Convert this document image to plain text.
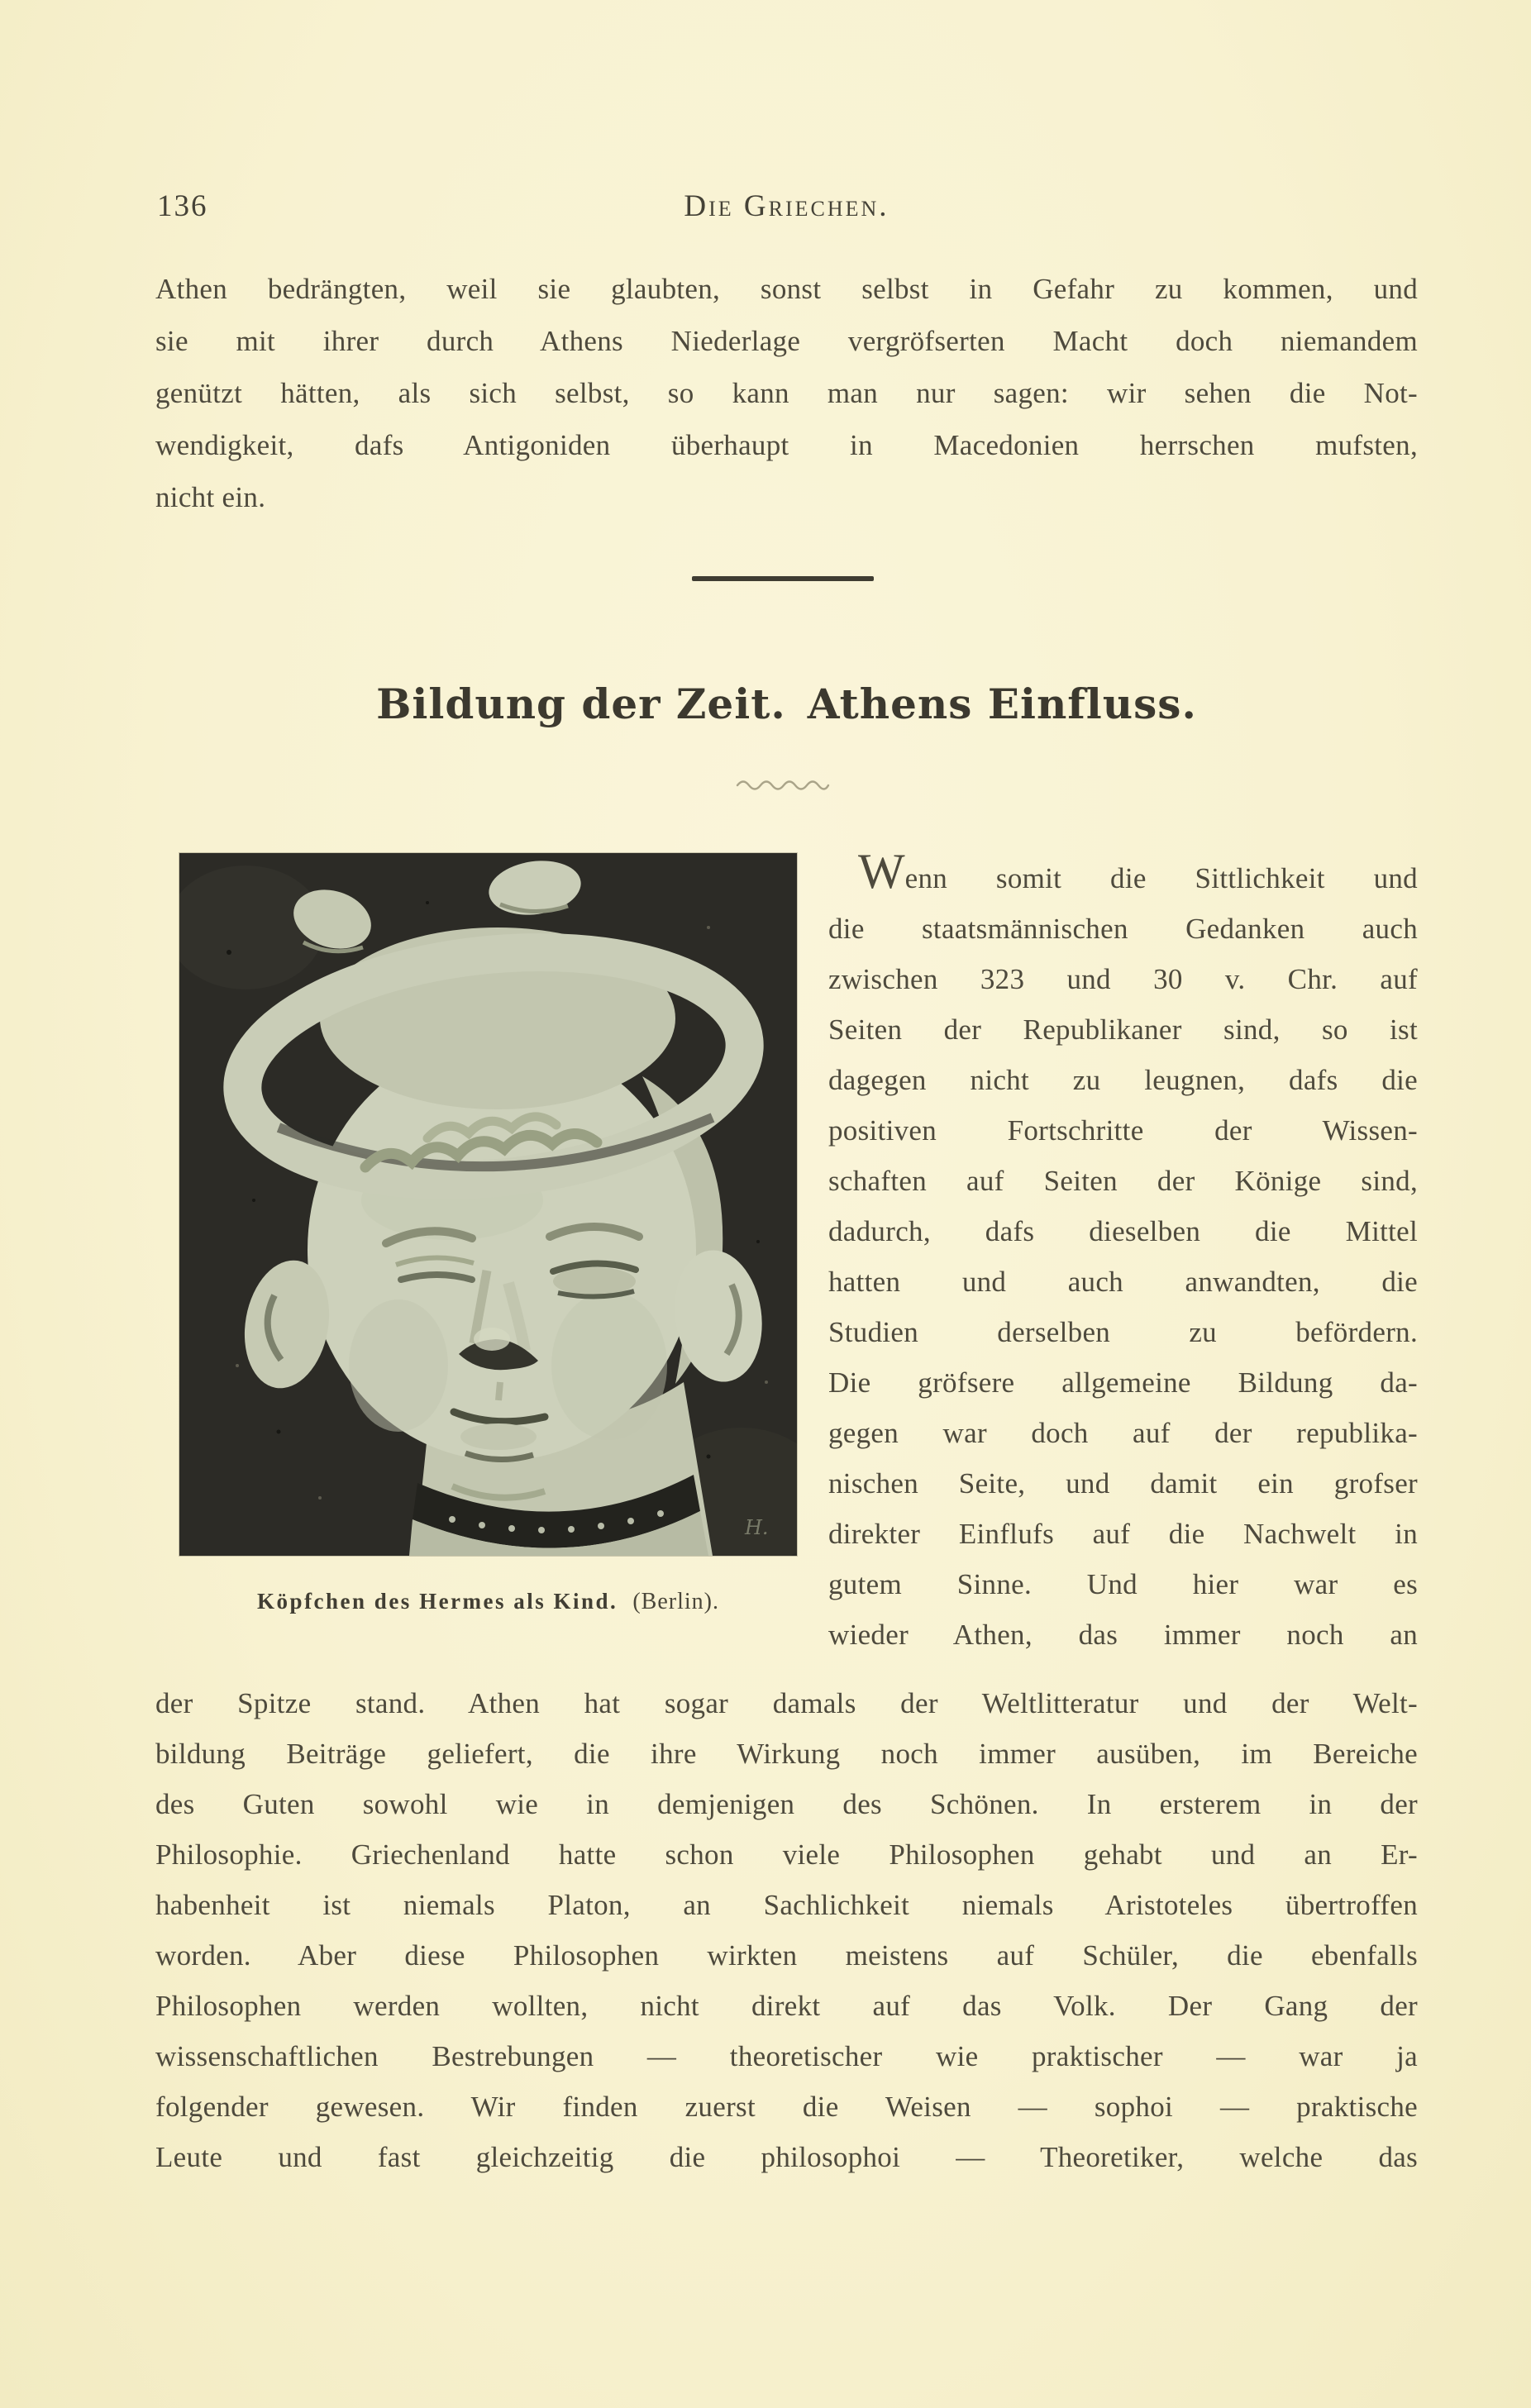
136	Die Griechen.
Athen bedrängten, weil sie glaubten, sonst selbst in Gefahr zu kommen, und
sie mit ihrer durch Athens Niederlage vergröfserten Macht doch niemandem
genützt hätten, als sich selbst, so kann man nur sagen: wir sehen die Not-
wendigkeit, dafs Antigoniden überhaupt in Macedonien herrschen mufsten,
nicht ein.
Bildung der Zeit. Athens Einfluss.
H.
Köpfchen des Hermes als Kind. (Berlin).
Wenn somit die Sittlichkeit und
die staatsmännischen Gedanken auch
zwischen 323 und 30 v. Chr. auf
Seiten der Republikaner sind, so ist
dagegen nicht zu leugnen, dafs die
positiven Fortschritte der Wissen-
schaften auf Seiten der Könige sind,
dadurch, dafs dieselben die Mittel
hatten und auch anwandten, die
Studien derselben zu befördern.
Die gröfsere allgemeine Bildung da-
gegen war doch auf der republika-
nischen Seite, und damit ein grofser
direkter Einflufs auf die Nachwelt in
gutem Sinne. Und hier war es
wieder Athen, das immer noch an
der Spitze stand. Athen hat sogar damals der Weltlitteratur und der Welt-
bildung Beiträge geliefert, die ihre Wirkung noch immer ausüben, im Bereiche
des Guten sowohl wie in demjenigen des Schönen. In ersterem in der
Philosophie. Griechenland hatte schon viele Philosophen gehabt und an Er-
habenheit ist niemals Platon, an Sachlichkeit niemals Aristoteles übertroffen
worden. Aber diese Philosophen wirkten meistens auf Schüler, die ebenfalls
Philosophen werden wollten, nicht direkt auf das Volk. Der Gang der
wissenschaftlichen Bestrebungen — theoretischer wie praktischer — war ja
folgender gewesen. Wir finden zuerst die Weisen — sophoi — praktische
Leute und fast gleichzeitig die philosophoi — Theoretiker, welche das
